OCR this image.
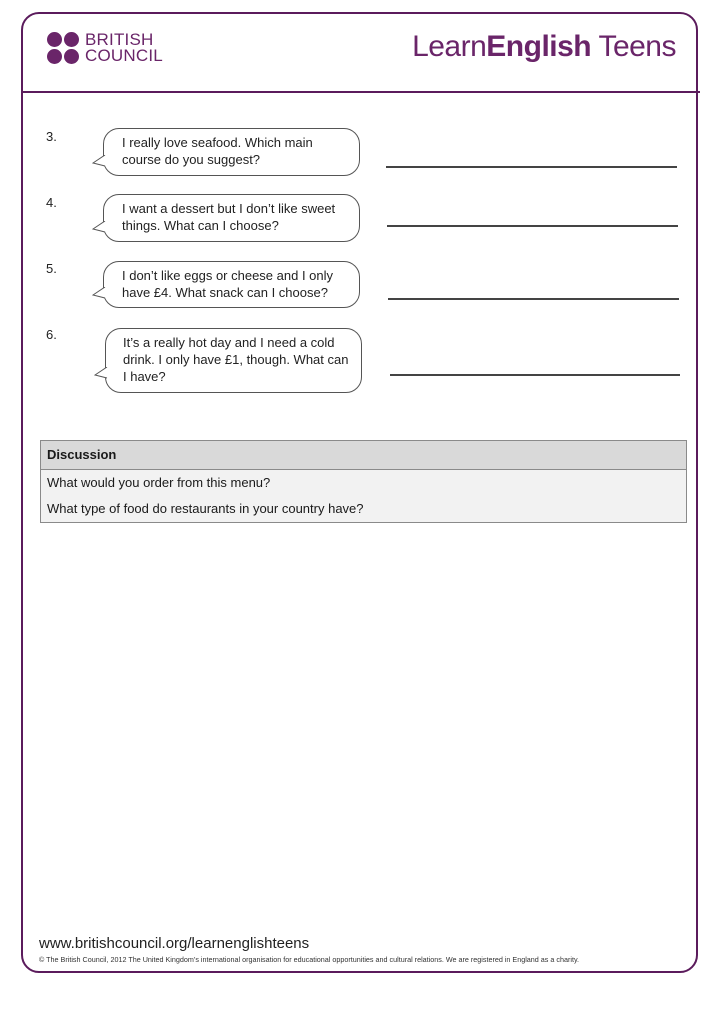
BRITISH
COUNCIL	LearnEnglish Teens
3.	I really love seafood. Which main course do you suggest?
4.	I want a dessert but I don’t like sweet things. What can I choose?
5.	I don’t like eggs or cheese and I only have £4. What snack can I choose?
6.
It’s a really hot day and I need a cold drink. I only have £1, though. What can I have?
Discussion
What would you order from this menu?
What type of food do restaurants in your country have?
www.britishcouncil.org/learnenglishteens
© The British Council, 2012 The United Kingdom’s international organisation for educational opportunities and cultural relations. We are registered in England as a charity.
